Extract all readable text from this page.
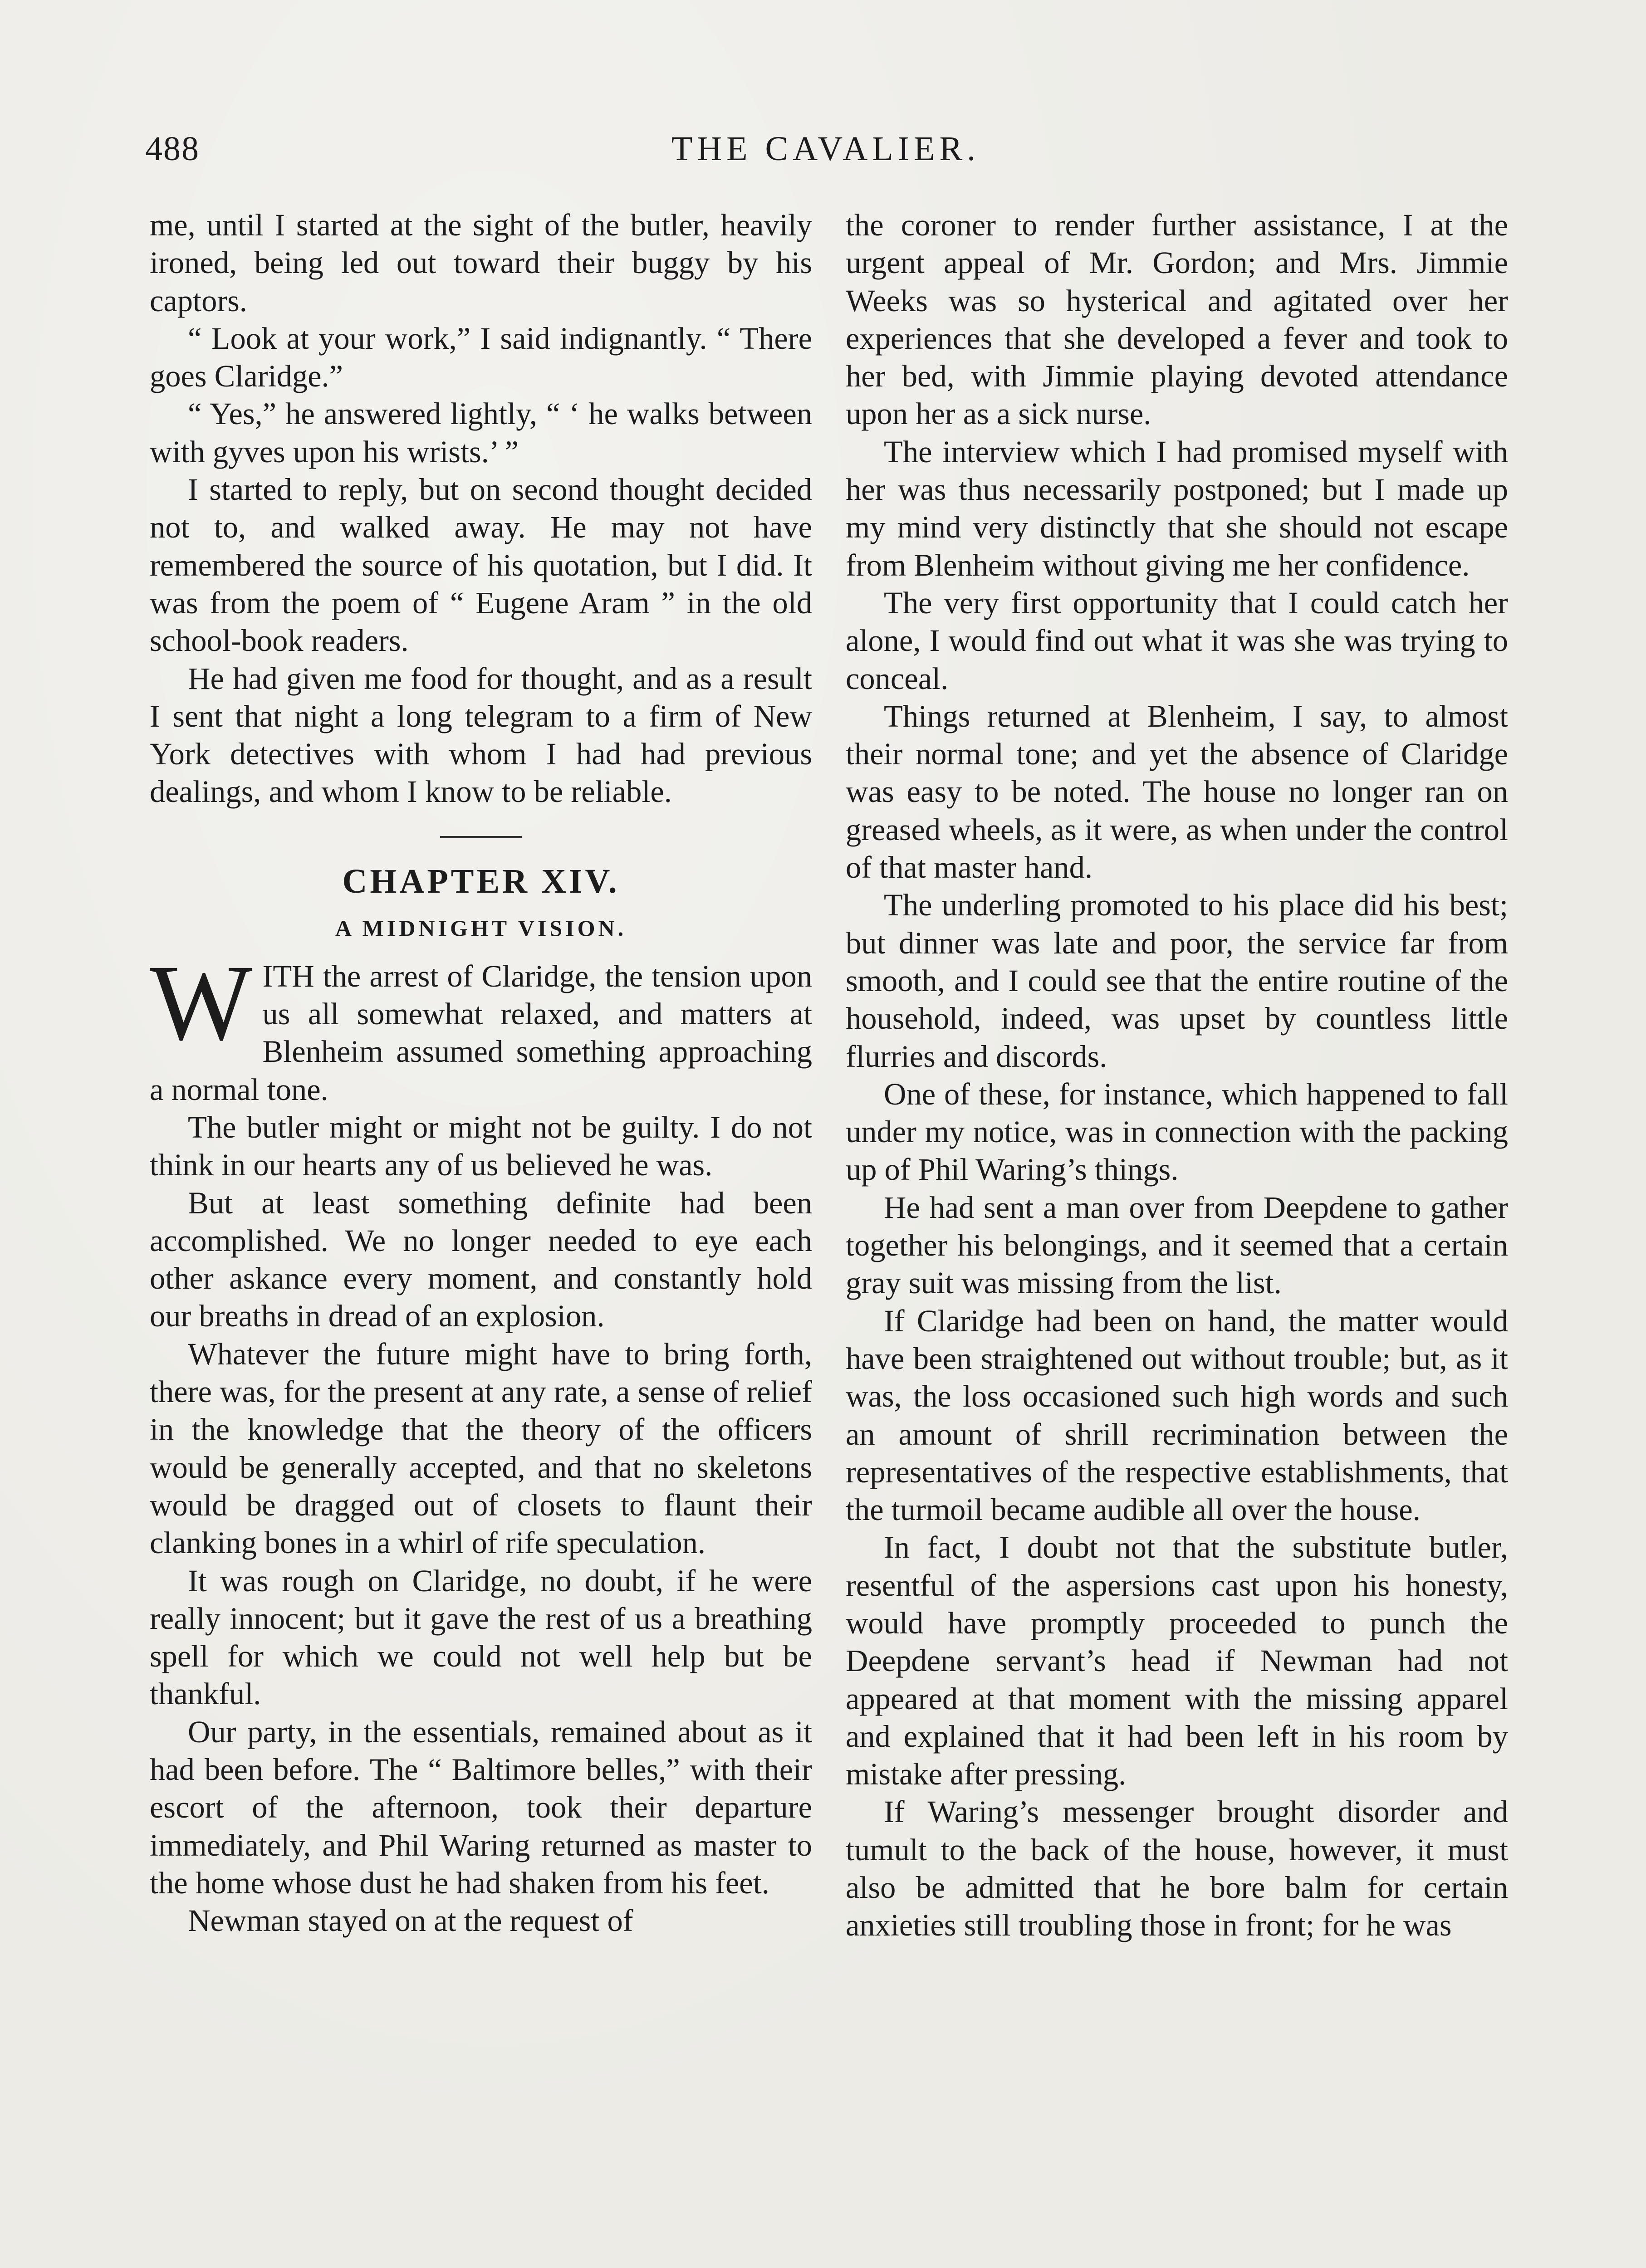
488	THE CAVALIER.

me, until I started at the sight of the butler, heavily ironed, being led out toward their buggy by his captors.

“ Look at your work,” I said indignantly. “ There goes Claridge.”

“ Yes,” he answered lightly, “ ‘ he walks between with gyves upon his wrists.’ ”

I started to reply, but on second thought decided not to, and walked away. He may not have remembered the source of his quotation, but I did. It was from the poem of “ Eugene Aram ” in the old school-book readers.

He had given me food for thought, and as a result I sent that night a long telegram to a firm of New York detectives with whom I had had previous dealings, and whom I know to be reliable.

CHAPTER XIV.
A MIDNIGHT VISION.

WITH the arrest of Claridge, the tension upon us all somewhat relaxed, and matters at Blenheim assumed something approaching a normal tone.

The butler might or might not be guilty. I do not think in our hearts any of us believed he was.

But at least something definite had been accomplished. We no longer needed to eye each other askance every moment, and constantly hold our breaths in dread of an explosion.

Whatever the future might have to bring forth, there was, for the present at any rate, a sense of relief in the knowledge that the theory of the officers would be generally accepted, and that no skeletons would be dragged out of closets to flaunt their clanking bones in a whirl of rife speculation.

It was rough on Claridge, no doubt, if he were really innocent; but it gave the rest of us a breathing spell for which we could not well help but be thankful.

Our party, in the essentials, remained about as it had been before. The “ Baltimore belles,” with their escort of the afternoon, took their departure immediately, and Phil Waring returned as master to the home whose dust he had shaken from his feet.

Newman stayed on at the request of

the coroner to render further assistance, I at the urgent appeal of Mr. Gordon; and Mrs. Jimmie Weeks was so hysterical and agitated over her experiences that she developed a fever and took to her bed, with Jimmie playing devoted attendance upon her as a sick nurse.

The interview which I had promised myself with her was thus necessarily postponed; but I made up my mind very distinctly that she should not escape from Blenheim without giving me her confidence.

The very first opportunity that I could catch her alone, I would find out what it was she was trying to conceal.

Things returned at Blenheim, I say, to almost their normal tone; and yet the absence of Claridge was easy to be noted. The house no longer ran on greased wheels, as it were, as when under the control of that master hand.

The underling promoted to his place did his best; but dinner was late and poor, the service far from smooth, and I could see that the entire routine of the household, indeed, was upset by countless little flurries and discords.

One of these, for instance, which happened to fall under my notice, was in connection with the packing up of Phil Waring’s things.

He had sent a man over from Deepdene to gather together his belongings, and it seemed that a certain gray suit was missing from the list.

If Claridge had been on hand, the matter would have been straightened out without trouble; but, as it was, the loss occasioned such high words and such an amount of shrill recrimination between the representatives of the respective establishments, that the turmoil became audible all over the house.

In fact, I doubt not that the substitute butler, resentful of the aspersions cast upon his honesty, would have promptly proceeded to punch the Deepdene servant’s head if Newman had not appeared at that moment with the missing apparel and explained that it had been left in his room by mistake after pressing.

If Waring’s messenger brought disorder and tumult to the back of the house, however, it must also be admitted that he bore balm for certain anxieties still troubling those in front; for he was
